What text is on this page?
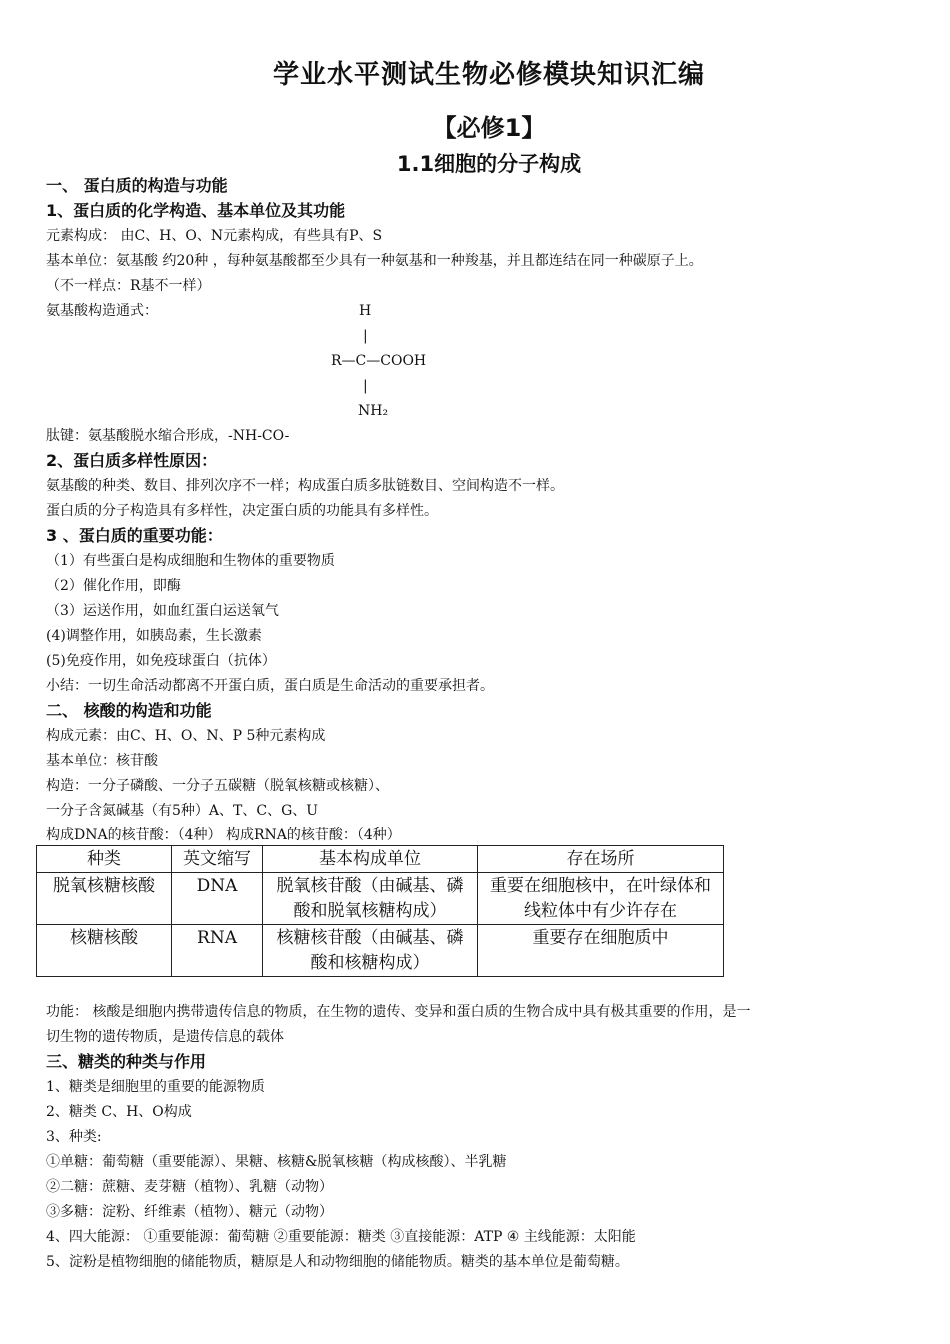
学业水平测试生物必修模块知识汇编
【必修1】
1.1细胞的分子构成
一、 蛋白质的构造与功能
1、蛋白质的化学构造、基本单位及其功能
元素构成： 由C、H、O、N元素构成，有些具有P、S
基本单位：氨基酸 约20种 ，每种氨基酸都至少具有一种氨基和一种羧基，并且都连结在同一种碳原子上。
（不一样点：R基不一样）
氨基酸构造通式：	H
|
R—C—COOH
|
NH₂
肽键：氨基酸脱水缩合形成，-NH-CO-
2、蛋白质多样性原因：
氨基酸的种类、数目、排列次序不一样；构成蛋白质多肽链数目、空间构造不一样。
蛋白质的分子构造具有多样性，决定蛋白质的功能具有多样性。
3 、蛋白质的重要功能：
（1）有些蛋白是构成细胞和生物体的重要物质
（2）催化作用，即酶
（3）运送作用，如血红蛋白运送氧气
(4)调整作用，如胰岛素，生长激素
(5)免疫作用，如免疫球蛋白（抗体）
小结：一切生命活动都离不开蛋白质，蛋白质是生命活动的重要承担者。
二、 核酸的构造和功能
构成元素：由C、H、O、N、P 5种元素构成
基本单位：核苷酸
构造：一分子磷酸、一分子五碳糖（脱氧核糖或核糖）、
一分子含氮碱基（有5种）A、T、C、G、U
构成DNA的核苷酸：（4种） 构成RNA的核苷酸：（4种）
种类	英文缩写	基本构成单位	存在场所
脱氧核糖核酸	DNA	脱氧核苷酸（由碱基、磷酸和脱氧核糖构成）	重要在细胞核中，在叶绿体和线粒体中有少许存在
核糖核酸	RNA	核糖核苷酸（由碱基、磷酸和核糖构成）	重要存在细胞质中
功能： 核酸是细胞内携带遗传信息的物质，在生物的遗传、变异和蛋白质的生物合成中具有极其重要的作用，是一
切生物的遗传物质，是遗传信息的载体
三、糖类的种类与作用
1、糖类是细胞里的重要的能源物质
2、糖类 C、H、O构成
3、种类:
①单糖：葡萄糖（重要能源）、果糖、核糖&脱氧核糖（构成核酸）、半乳糖
②二糖：蔗糖、麦芽糖（植物）、乳糖（动物）
③多糖：淀粉、纤维素（植物）、糖元（动物）
4、四大能源： ①重要能源：葡萄糖 ②重要能源：糖类 ③直接能源：ATP ④ 主线能源：太阳能
5、淀粉是植物细胞的储能物质，糖原是人和动物细胞的储能物质。糖类的基本单位是葡萄糖。
